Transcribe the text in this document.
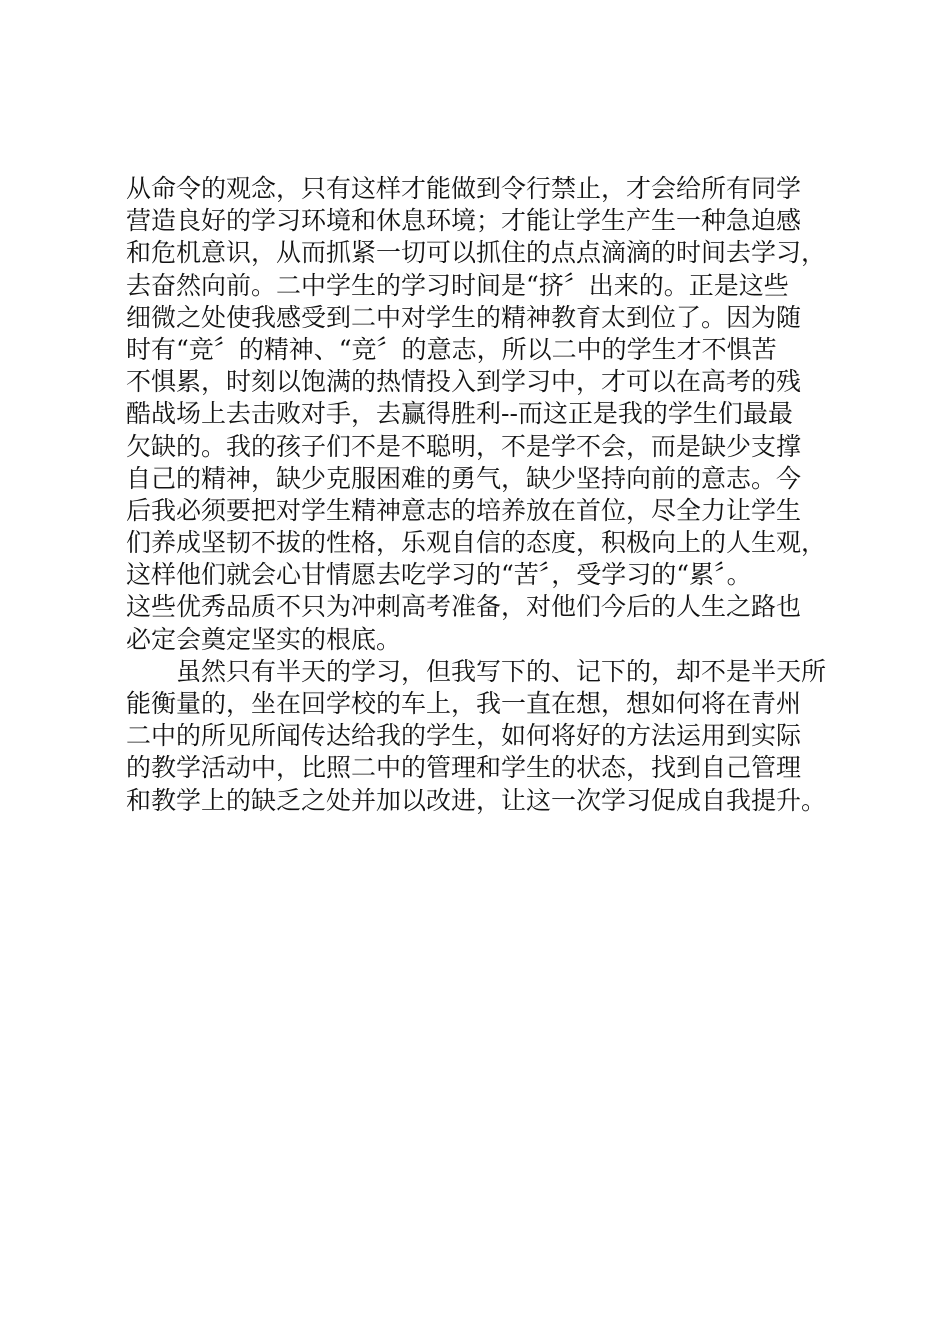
从命令的观念，只有这样才能做到令行禁止，才会给所有同学
营造良好的学习环境和休息环境；才能让学生产生一种急迫感
和危机意识，从而抓紧一切可以抓住的点点滴滴的时间去学习，
去奋然向前。二中学生的学习时间是“挤〞出来的。正是这些
细微之处使我感受到二中对学生的精神教育太到位了。因为随
时有“竞〞的精神、“竞〞的意志，所以二中的学生才不惧苦
不惧累，时刻以饱满的热情投入到学习中，才可以在高考的残
酷战场上去击败对手，去赢得胜利--而这正是我的学生们最最
欠缺的。我的孩子们不是不聪明，不是学不会，而是缺少支撑
自己的精神，缺少克服困难的勇气，缺少坚持向前的意志。今
后我必须要把对学生精神意志的培养放在首位，尽全力让学生
们养成坚韧不拔的性格，乐观自信的态度，积极向上的人生观，
这样他们就会心甘情愿去吃学习的“苦〞，受学习的“累〞。
这些优秀品质不只为冲刺高考准备，对他们今后的人生之路也
必定会奠定坚实的根底。
　　虽然只有半天的学习，但我写下的、记下的，却不是半天所
能衡量的，坐在回学校的车上，我一直在想，想如何将在青州
二中的所见所闻传达给我的学生，如何将好的方法运用到实际
的教学活动中，比照二中的管理和学生的状态，找到自己管理
和教学上的缺乏之处并加以改进，让这一次学习促成自我提升。
